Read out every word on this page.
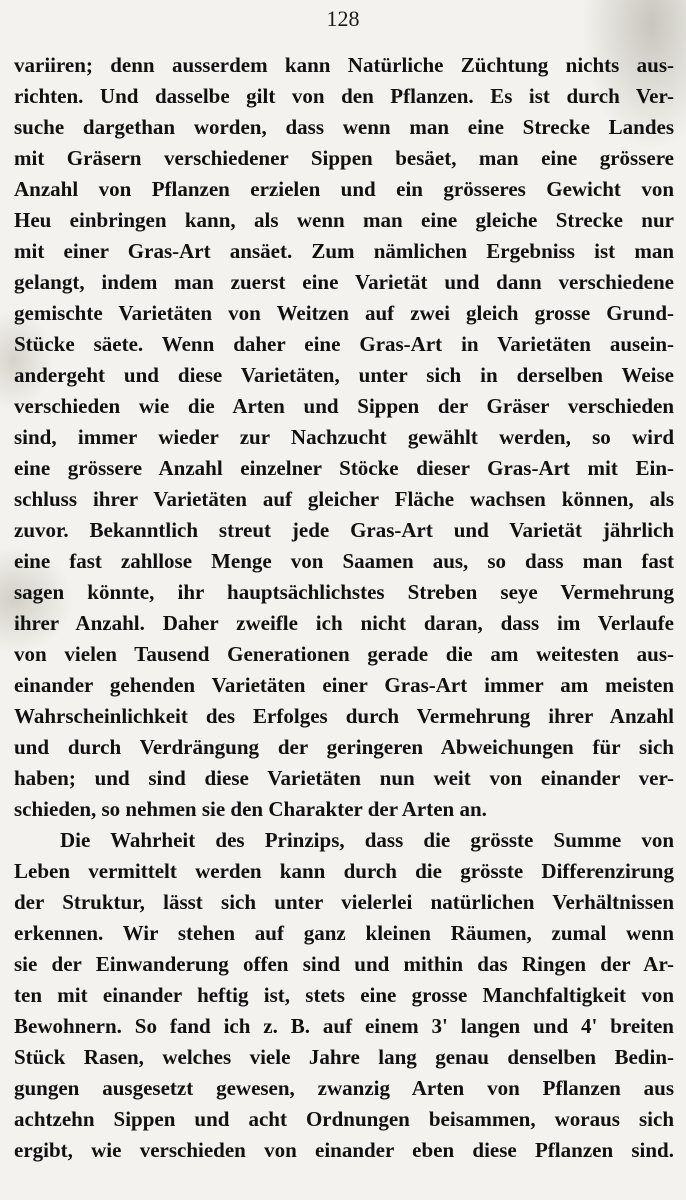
128

variiren; denn ausserdem kann Natürliche Züchtung nichts aus-
richten. Und dasselbe gilt von den Pflanzen. Es ist durch Ver-
suche dargethan worden, dass wenn man eine Strecke Landes
mit Gräsern verschiedener Sippen besäet, man eine grössere
Anzahl von Pflanzen erzielen und ein grösseres Gewicht von
Heu einbringen kann, als wenn man eine gleiche Strecke nur
mit einer Gras-Art ansäet. Zum nämlichen Ergebniss ist man
gelangt, indem man zuerst eine Varietät und dann verschiedene
gemischte Varietäten von Weitzen auf zwei gleich grosse Grund-
Stücke säete. Wenn daher eine Gras-Art in Varietäten ausein-
andergeht und diese Varietäten, unter sich in derselben Weise
verschieden wie die Arten und Sippen der Gräser verschieden
sind, immer wieder zur Nachzucht gewählt werden, so wird
eine grössere Anzahl einzelner Stöcke dieser Gras-Art mit Ein-
schluss ihrer Varietäten auf gleicher Fläche wachsen können, als
zuvor. Bekanntlich streut jede Gras-Art und Varietät jährlich
eine fast zahllose Menge von Saamen aus, so dass man fast
sagen könnte, ihr hauptsächlichstes Streben seye Vermehrung
ihrer Anzahl. Daher zweifle ich nicht daran, dass im Verlaufe
von vielen Tausend Generationen gerade die am weitesten aus-
einander gehenden Varietäten einer Gras-Art immer am meisten
Wahrscheinlichkeit des Erfolges durch Vermehrung ihrer Anzahl
und durch Verdrängung der geringeren Abweichungen für sich
haben; und sind diese Varietäten nun weit von einander ver-
schieden, so nehmen sie den Charakter der Arten an.
Die Wahrheit des Prinzips, dass die grösste Summe von
Leben vermittelt werden kann durch die grösste Differenzirung
der Struktur, lässt sich unter vielerlei natürlichen Verhältnissen
erkennen. Wir stehen auf ganz kleinen Räumen, zumal wenn
sie der Einwanderung offen sind und mithin das Ringen der Ar-
ten mit einander heftig ist, stets eine grosse Manchfaltigkeit von
Bewohnern. So fand ich z. B. auf einem 3' langen und 4' breiten
Stück Rasen, welches viele Jahre lang genau denselben Bedin-
gungen ausgesetzt gewesen, zwanzig Arten von Pflanzen aus
achtzehn Sippen und acht Ordnungen beisammen, woraus sich
ergibt, wie verschieden von einander eben diese Pflanzen sind.
